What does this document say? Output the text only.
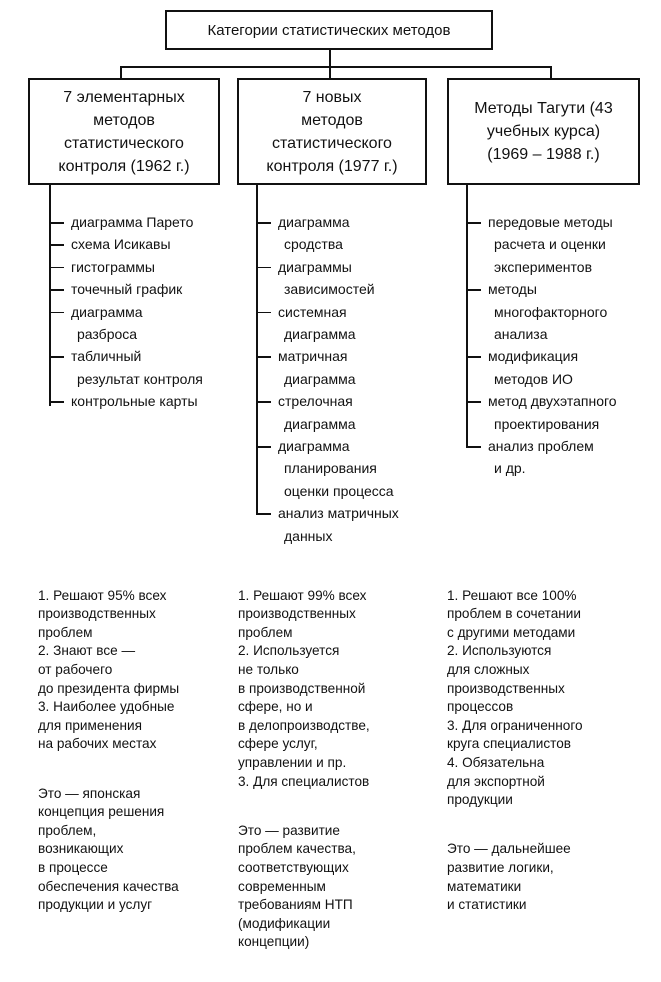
Категории статистических методов
7 элементарных
методов
статистического
контроля (1962 г.)
7 новых
методов
статистического
контроля (1977 г.)
Методы Тагути (43
учебных курса)
(1969 – 1988 г.)
диаграмма Парето
схема Исикавы
гистограммы
точечный график
диаграмма
разброса
табличный
результат контроля
контрольные карты
диаграмма
сродства
диаграммы
зависимостей
системная
диаграмма
матричная
диаграмма
стрелочная
диаграмма
диаграмма
планирования
оценки процесса
анализ матричных
данных
передовые методы
расчета и оценки
экспериментов
методы
многофакторного
анализа
модификация
методов ИО
метод двухэтапного
проектирования
анализ проблем
и др.

1. Решают 95% всех
производственных
проблем
2. Знают все —
от рабочего
до президента фирмы
3. Наиболее удобные
для применения
на рабочих местах

Это — японская
концепция решения
проблем,
возникающих
в процессе
обеспечения качества
продукции и услуг

1. Решают 99% всех
производственных
проблем
2. Используется
не только
в производственной
сфере, но и
в делопроизводстве,
сфере услуг,
управлении и пр.
3. Для специалистов

Это — развитие
проблем качества,
соответствующих
современным
требованиям НТП
(модификации
концепции)

1. Решают все 100%
проблем в сочетании
с другими методами
2. Используются
для сложных
производственных
процессов
3. Для ограниченного
круга специалистов
4. Обязательна
для экспортной
продукции

Это — дальнейшее
развитие логики,
математики
и статистики
